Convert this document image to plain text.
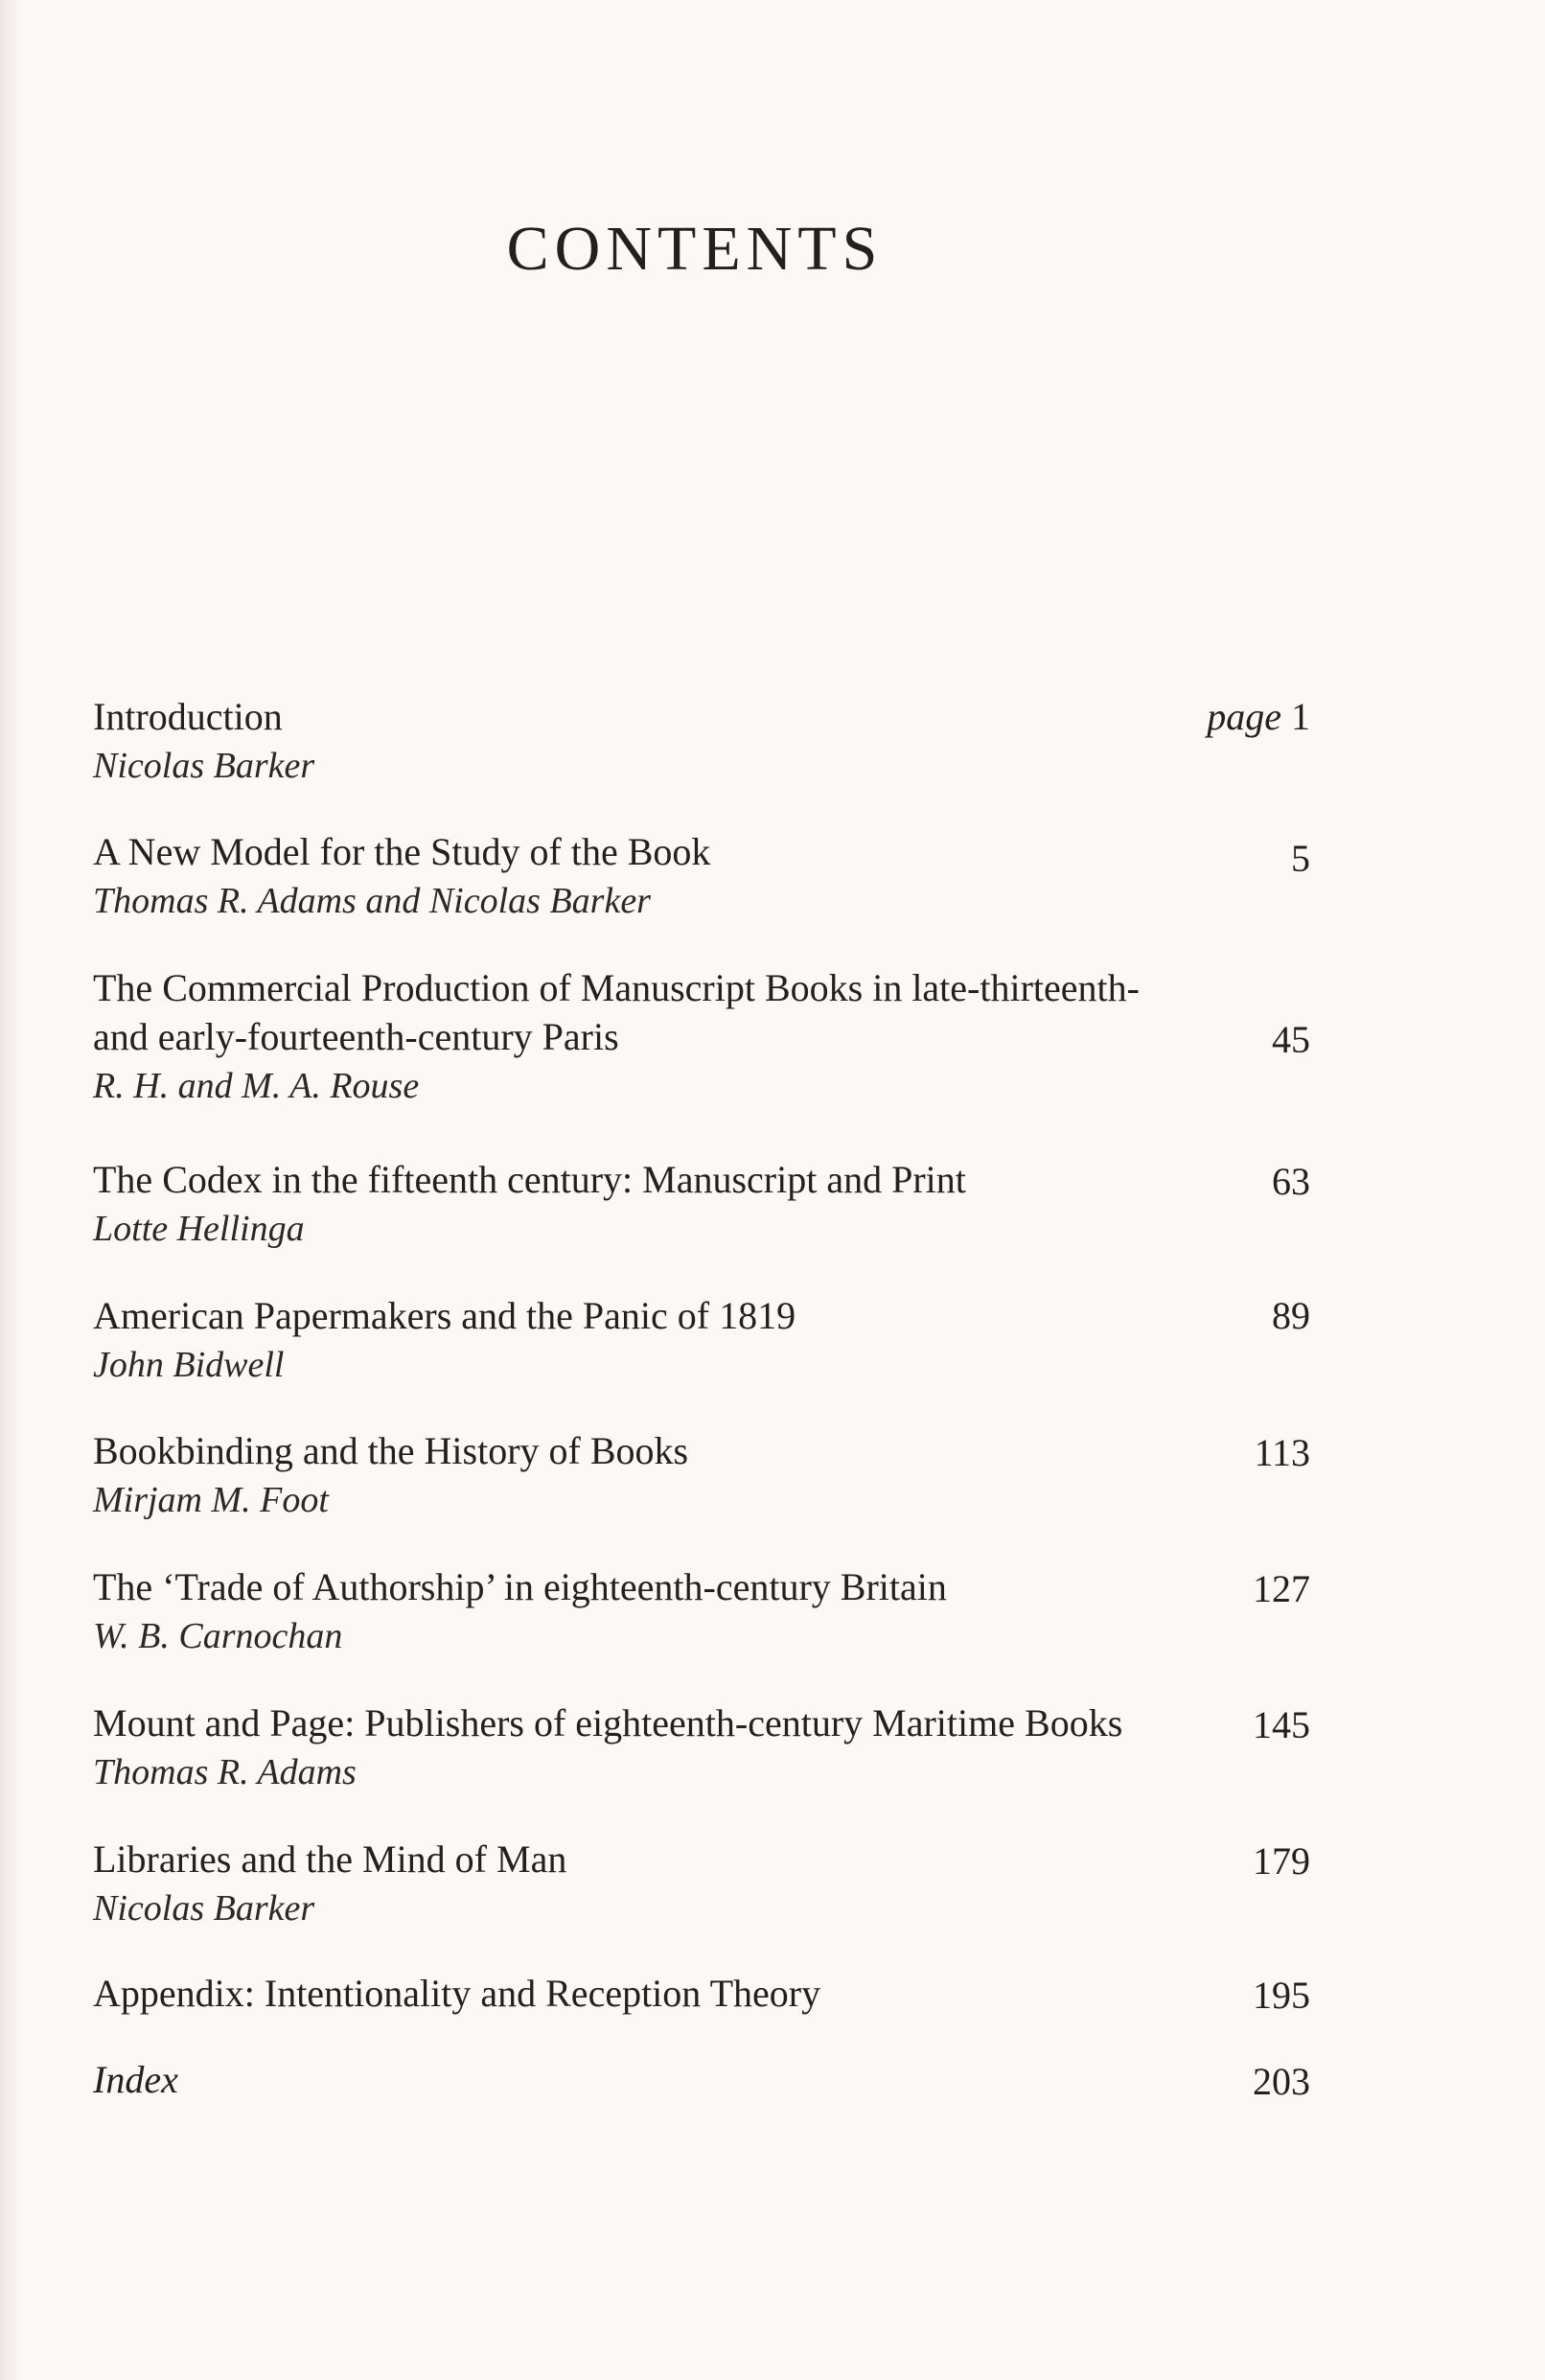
CONTENTS
Introduction
Nicolas Barker
page 1
A New Model for the Study of the Book
Thomas R. Adams and Nicolas Barker
5
The Commercial Production of Manuscript Books in late-thirteenth-
and early-fourteenth-century Paris
R. H. and M. A. Rouse
45
The Codex in the fifteenth century: Manuscript and Print
Lotte Hellinga
63
American Papermakers and the Panic of 1819
John Bidwell
89
Bookbinding and the History of Books
Mirjam M. Foot
113
The ‘Trade of Authorship’ in eighteenth-century Britain
W. B. Carnochan
127
Mount and Page: Publishers of eighteenth-century Maritime Books
Thomas R. Adams
145
Libraries and the Mind of Man
Nicolas Barker
179
Appendix: Intentionality and Reception Theory	195
Index	203
